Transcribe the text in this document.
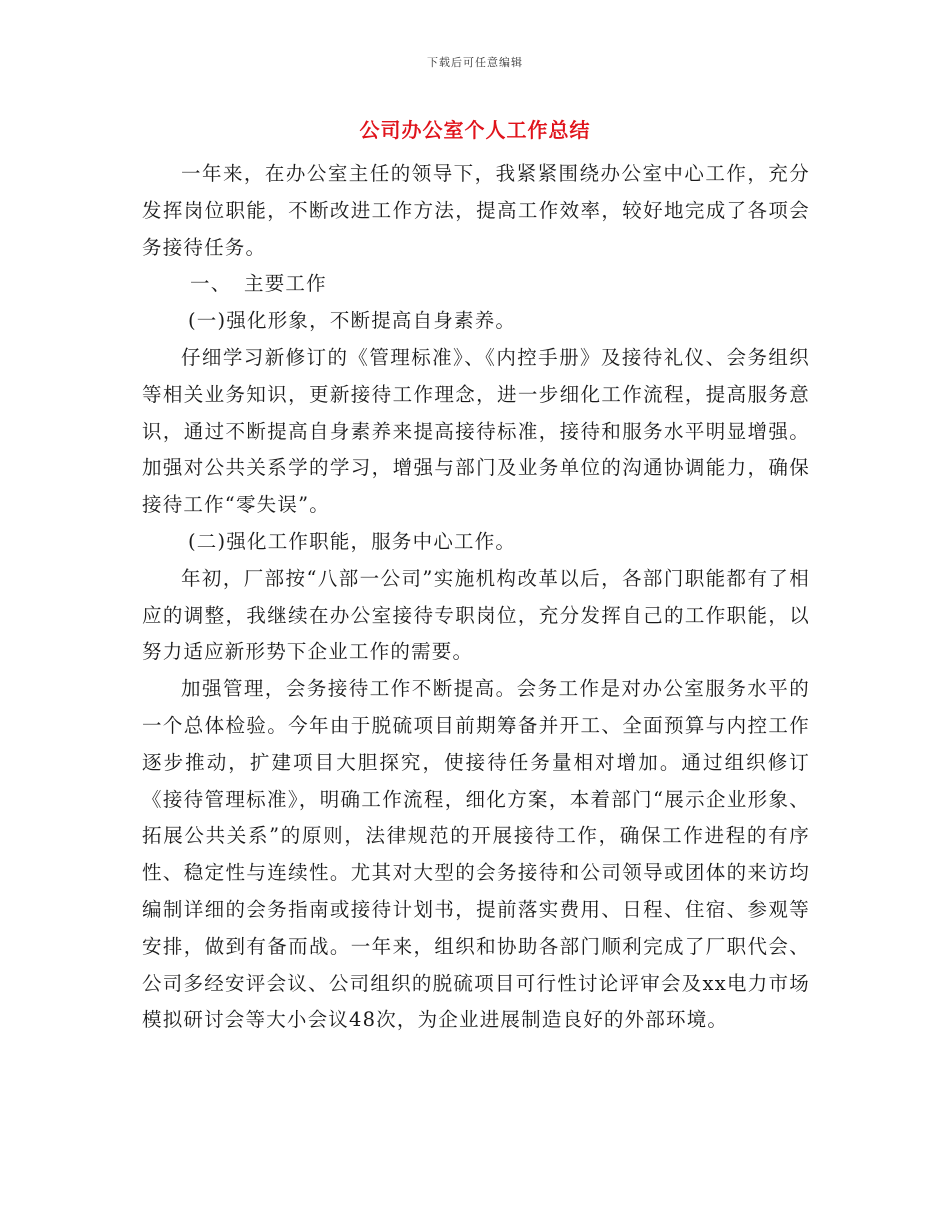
下载后可任意编辑
公司办公室个人工作总结

一年来，在办公室主任的领导下，我紧紧围绕办公室中心工作，充分发挥岗位职能，不断改进工作方法，提高工作效率，较好地完成了各项会务接待任务。

一、 主要工作

(一)强化形象，不断提高自身素养。

仔细学习新修订的《管理标准》、《内控手册》及接待礼仪、会务组织等相关业务知识，更新接待工作理念，进一步细化工作流程，提高服务意识，通过不断提高自身素养来提高接待标准，接待和服务水平明显增强。加强对公共关系学的学习，增强与部门及业务单位的沟通协调能力，确保接待工作“零失误”。

(二)强化工作职能，服务中心工作。

年初，厂部按“八部一公司”实施机构改革以后，各部门职能都有了相应的调整，我继续在办公室接待专职岗位，充分发挥自己的工作职能，以努力适应新形势下企业工作的需要。

加强管理，会务接待工作不断提高。会务工作是对办公室服务水平的一个总体检验。今年由于脱硫项目前期筹备并开工、全面预算与内控工作逐步推动，扩建项目大胆探究，使接待任务量相对增加。通过组织修订《接待管理标准》，明确工作流程，细化方案，本着部门“展示企业形象、拓展公共关系”的原则，法律规范的开展接待工作，确保工作进程的有序性、稳定性与连续性。尤其对大型的会务接待和公司领导或团体的来访均编制详细的会务指南或接待计划书，提前落实费用、日程、住宿、参观等安排，做到有备而战。一年来，组织和协助各部门顺利完成了厂职代会、公司多经安评会议、公司组织的脱硫项目可行性讨论评审会及xx电力市场模拟研讨会等大小会议48次，为企业进展制造良好的外部环境。
